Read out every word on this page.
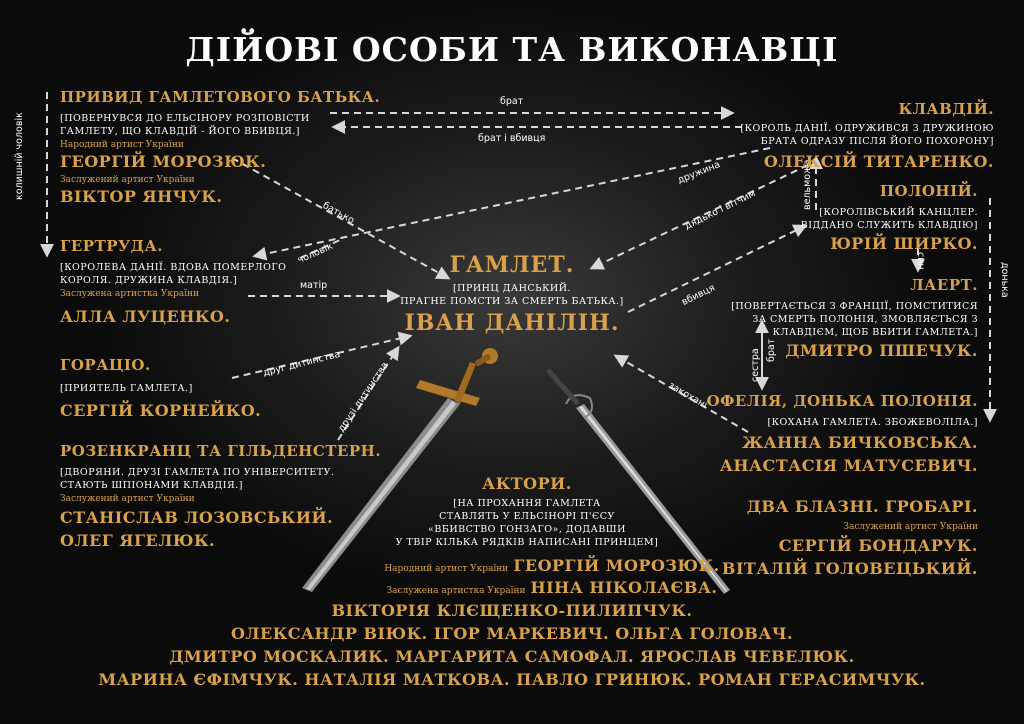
ДІЙОВІ ОСОБИ ТА ВИКОНАВЦІ
брат
брат і вбивця
колишній чоловік	дружина
батько	дядько і вітчим
чоловік
матір	вбивця
вельможа
син
донька
друг дитинства
друзі дитинства	закохані
сестра брат
ПРИВИД ГАМЛЕТОВОГО БАТЬКА.
[ПОВЕРНУВСЯ ДО ЕЛЬСІНОРУ РОЗПОВІСТИ
ГАМЛЕТУ, ЩО КЛАВДІЙ - ЙОГО ВБИВЦЯ.]
Народний артист України
ГЕОРГІЙ МОРОЗЮК.
Заслужений артист України
ВІКТОР ЯНЧУК.
ГЕРТРУДА.
[КОРОЛЕВА ДАНІЇ. ВДОВА ПОМЕРЛОГО
КОРОЛЯ. ДРУЖИНА КЛАВДІЯ.]
Заслужена артистка України
АЛЛА ЛУЦЕНКО.
ГОРАЦІО.
[ПРИЯТЕЛЬ ГАМЛЕТА.]
СЕРГІЙ КОРНЕЙКО.
РОЗЕНКРАНЦ ТА ГІЛЬДЕНСТЕРН.
[ДВОРЯНИ. ДРУЗІ ГАМЛЕТА ПО УНІВЕРСИТЕТУ.
СТАЮТЬ ШПІОНАМИ КЛАВДІЯ.]
Заслужений артист України
СТАНІСЛАВ ЛОЗОВСЬКИЙ.
ОЛЕГ ЯГЕЛЮК.
КЛАВДІЙ.
[КОРОЛЬ ДАНІЇ. ОДРУЖИВСЯ З ДРУЖИНОЮ
БРАТА ОДРАЗУ ПІСЛЯ ЙОГО ПОХОРОНУ]
ОЛЕКСІЙ ТИТАРЕНКО.
ПОЛОНІЙ.
[КОРОЛІВСЬКИЙ КАНЦЛЕР.
ВІДДАНО СЛУЖИТЬ КЛАВДІЮ]
ЮРІЙ ШИРКО.
ЛАЕРТ.
[ПОВЕРТАЄТЬСЯ З ФРАНЦІЇ, ПОМСТИТИСЯ
ЗА СМЕРТЬ ПОЛОНІЯ, ЗМОВЛЯЄТЬСЯ З
КЛАВДІЄМ, ЩОБ ВБИТИ ГАМЛЕТА.]
ДМИТРО ПШЕЧУК.
ОФЕЛІЯ, ДОНЬКА ПОЛОНІЯ.
[КОХАНА ГАМЛЕТА. ЗБОЖЕВОЛІЛА.]
ЖАННА БИЧКОВСЬКА.
АНАСТАСІЯ МАТУСЕВИЧ.
ДВА БЛАЗНІ. ГРОБАРІ.
Заслужений артист України
СЕРГІЙ БОНДАРУК.
ВІТАЛІЙ ГОЛОВЕЦЬКИЙ.
ГАМЛЕТ.
[ПРИНЦ ДАНСЬКИЙ.
ПРАГНЕ ПОМСТИ ЗА СМЕРТЬ БАТЬКА.]
ІВАН ДАНІЛІН.
АКТОРИ.
[НА ПРОХАННЯ ГАМЛЕТА
СТАВЛЯТЬ У ЕЛЬСІНОРІ П'ЄСУ
«ВБИВСТВО ГОНЗАГО», ДОДАВШИ
У ТВІР КІЛЬКА РЯДКІВ НАПИСАНІ ПРИНЦЕМ]
Народний артист України ГЕОРГІЙ МОРОЗЮК.
Заслужена артистка України НІНА НІКОЛАЄВА.
ВІКТОРІЯ КЛЄЩЕНКО-ПИЛИПЧУК.
ОЛЕКСАНДР ВІЮК. ІГОР МАРКЕВИЧ. ОЛЬГА ГОЛОВАЧ.
ДМИТРО МОСКАЛИК. МАРГАРИТА САМОФАЛ. ЯРОСЛАВ ЧЕВЕЛЮК.
МАРИНА ЄФІМЧУК. НАТАЛІЯ МАТКОВА. ПАВЛО ГРИНЮК. РОМАН ГЕРАСИМЧУК.
